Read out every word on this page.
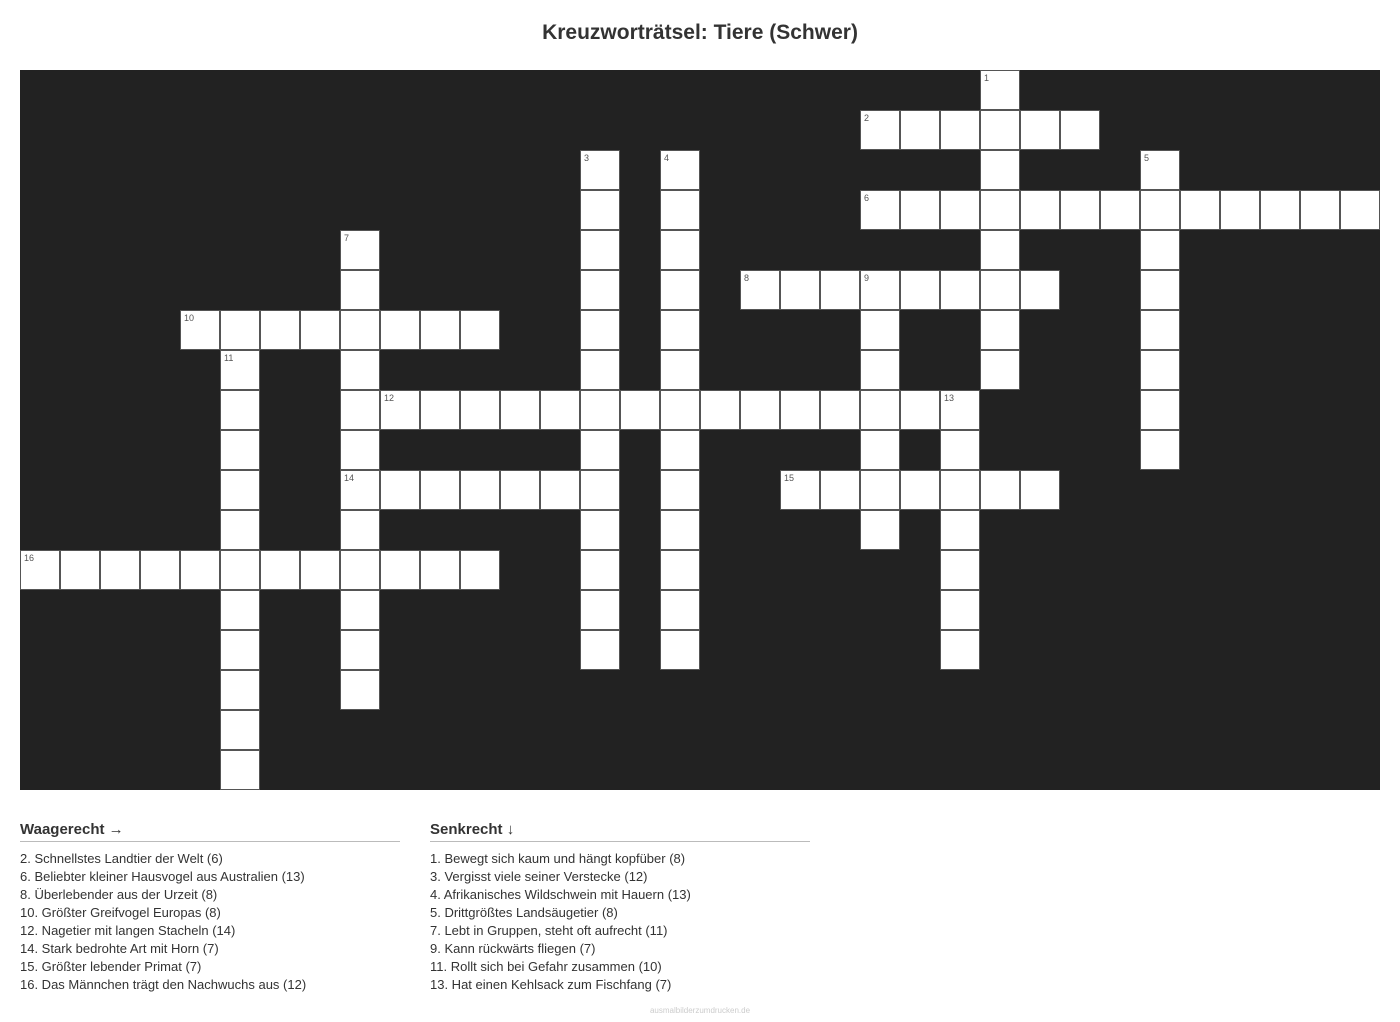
Kreuzworträtsel: Tiere (Schwer)
1
2
3	4	5
6
7
14
8	9
10
11
12	13
15
16
Waagerecht →
2. Schnellstes Landtier der Welt (6)
6. Beliebter kleiner Hausvogel aus Australien (13)
8. Überlebender aus der Urzeit (8)
10. Größter Greifvogel Europas (8)
12. Nagetier mit langen Stacheln (14)
14. Stark bedrohte Art mit Horn (7)
15. Größter lebender Primat (7)
16. Das Männchen trägt den Nachwuchs aus (12)
Senkrecht ↓
1. Bewegt sich kaum und hängt kopfüber (8)
3. Vergisst viele seiner Verstecke (12)
4. Afrikanisches Wildschwein mit Hauern (13)
5. Drittgrößtes Landsäugetier (8)
7. Lebt in Gruppen, steht oft aufrecht (11)
9. Kann rückwärts fliegen (7)
11. Rollt sich bei Gefahr zusammen (10)
13. Hat einen Kehlsack zum Fischfang (7)
ausmalbilderzumdrucken.de
